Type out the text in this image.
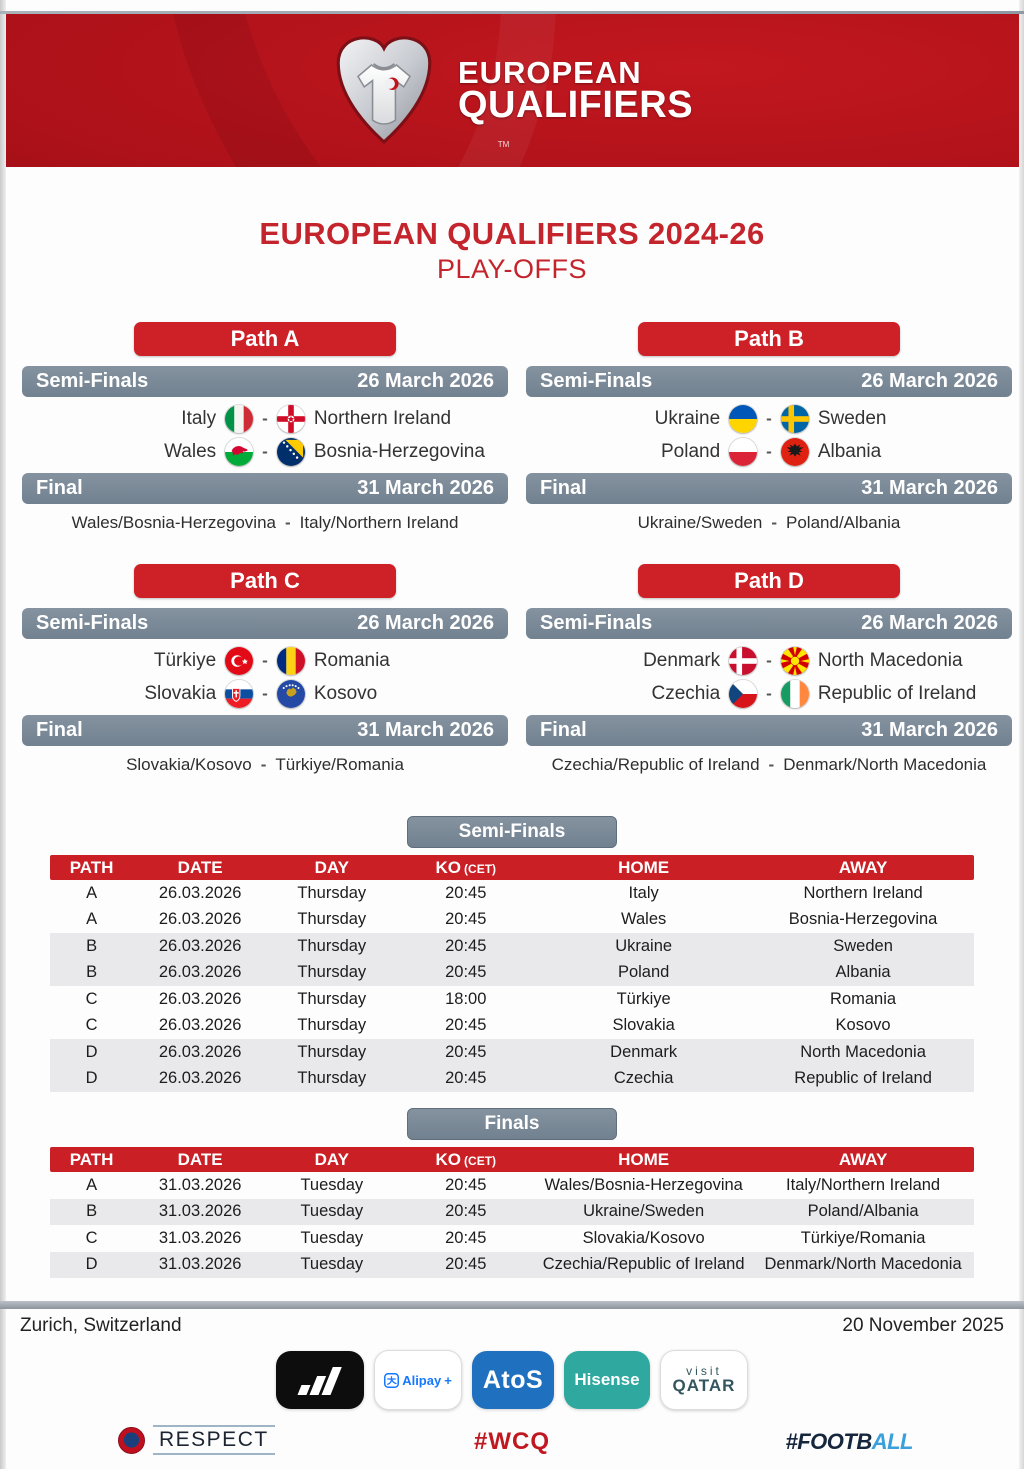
TM
EUROPEAN
QUALIFIERS
EUROPEAN QUALIFIERS 2024-26
PLAY-OFFS
Path A
Semi-Finals	26 March 2026
Italy	- Northern Ireland
Wales	- Bosnia-Herzegovina
Final	31 March 2026
Wales/Bosnia-Herzegovina - Italy/Northern Ireland
Path B
Semi-Finals	26 March 2026
Ukraine	- Sweden
Poland	- Albania
Final	31 March 2026
Ukraine/Sweden - Poland/Albania
Path C
Semi-Finals	26 March 2026
Türkiye	- Romania
Slovakia	- Kosovo
Final	31 March 2026
Slovakia/Kosovo - Türkiye/Romania
Path D
Semi-Finals	26 March 2026
Denmark	- North Macedonia
Czechia	- Republic of Ireland
Final	31 March 2026
Czechia/Republic of Ireland - Denmark/North Macedonia
Semi-Finals
PATH	DATE	DAY	KO (CET)	HOME	AWAY
A	26.03.2026	Thursday	20:45	Italy	Northern Ireland
A	26.03.2026	Thursday	20:45	Wales	Bosnia-Herzegovina
B	26.03.2026	Thursday	20:45	Ukraine	Sweden
B	26.03.2026	Thursday	20:45	Poland	Albania
C	26.03.2026	Thursday	18:00	Türkiye	Romania
C	26.03.2026	Thursday	20:45	Slovakia	Kosovo
D	26.03.2026	Thursday	20:45	Denmark	North Macedonia
D	26.03.2026	Thursday	20:45	Czechia	Republic of Ireland
Finals
PATH	DATE	DAY	KO (CET)	HOME	AWAY
A	31.03.2026	Tuesday	20:45	Wales/Bosnia-Herzegovina	Italy/Northern Ireland
B	31.03.2026	Tuesday	20:45	Ukraine/Sweden	Poland/Albania
C	31.03.2026	Tuesday	20:45	Slovakia/Kosovo	Türkiye/Romania
D	31.03.2026	Tuesday	20:45	Czechia/Republic of Ireland	Denmark/North Macedonia
Zurich, Switzerland	20 November 2025
Alipay + AtoS Hisense	visit
QATAR
RESPECT	#WCQ	#FOOTBALL
